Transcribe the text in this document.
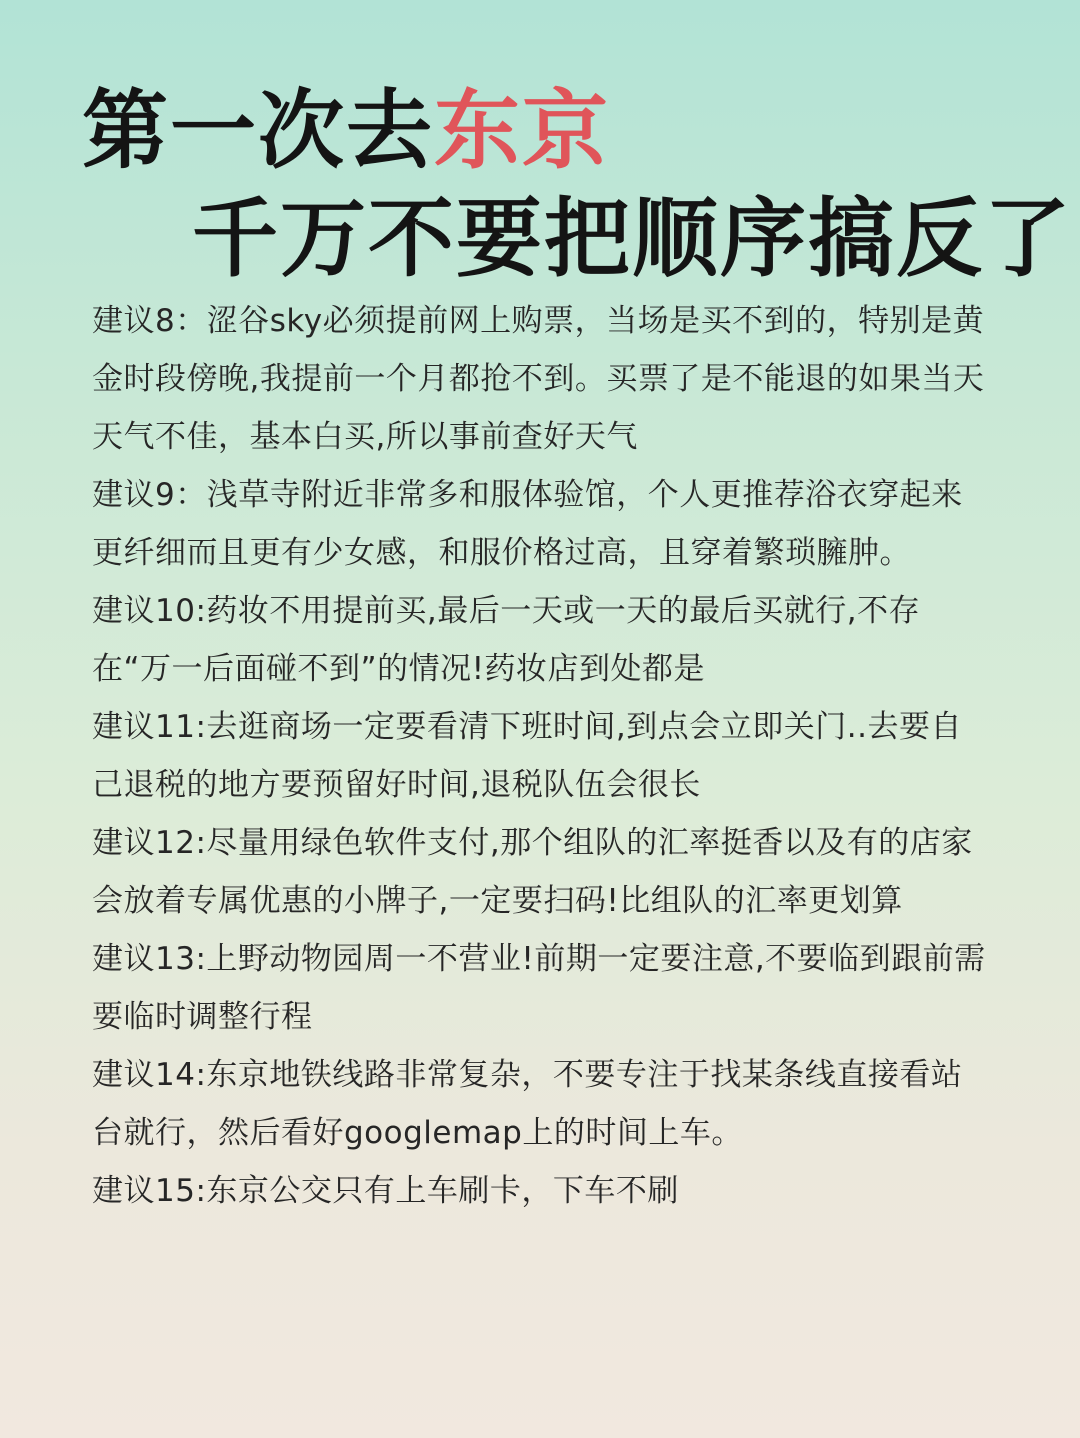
第一次去东京
千万不要把顺序搞反了
建议8：涩谷sky必须提前网上购票，当场是买不到的，特别是黄金时段傍晚,我提前一个月都抢不到。买票了是不能退的如果当天天气不佳，基本白买,所以事前查好天气
建议9：浅草寺附近非常多和服体验馆，个人更推荐浴衣穿起来更纤细而且更有少女感，和服价格过高，且穿着繁琐臃肿。
建议10:药妆不用提前买,最后一天或一天的最后买就行,不存在“万一后面碰不到”的情况!药妆店到处都是
建议11:去逛商场一定要看清下班时间,到点会立即关门..去要自己退税的地方要预留好时间,退税队伍会很长
建议12:尽量用绿色软件支付,那个组队的汇率挺香以及有的店家会放着专属优惠的小牌子,一定要扫码!比组队的汇率更划算
建议13:上野动物园周一不营业!前期一定要注意,不要临到跟前需要临时调整行程
建议14:东京地铁线路非常复杂，不要专注于找某条线直接看站台就行，然后看好googlemap上的时间上车。
建议15:东京公交只有上车刷卡，下车不刷
